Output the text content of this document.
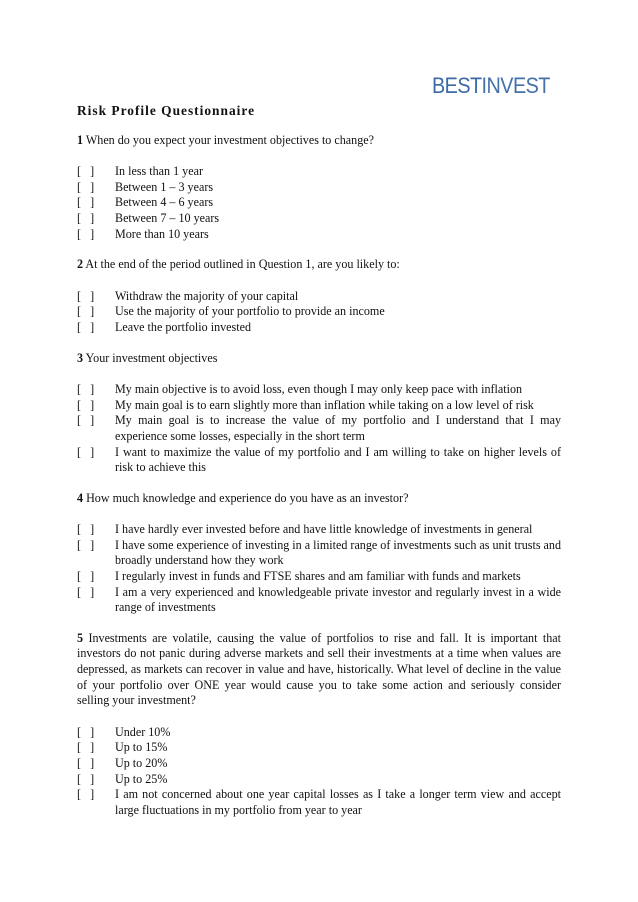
BESTINVEST
Risk Profile Questionnaire
1 When do you expect your investment objectives to change?
[   ]	In less than 1 year
[   ]	Between 1 – 3 years
[   ]	Between 4 – 6 years
[   ]	Between 7 – 10 years
[   ]	More than 10 years
2 At the end of the period outlined in Question 1, are you likely to:
[   ]	Withdraw the majority of your capital
[   ]	Use the majority of your portfolio to provide an income
[   ]	Leave the portfolio invested
3 Your investment objectives
[   ]	My main objective is to avoid loss, even though I may only keep pace with inflation
[   ]	My main goal is to earn slightly more than inflation while taking on a low level of risk
[   ]	My main goal is to increase the value of my portfolio and I understand that I may experience some losses, especially in the short term
[   ]	I want to maximize the value of my portfolio and I am willing to take on higher levels of risk to achieve this
4 How much knowledge and experience do you have as an investor?
[   ]	I have hardly ever invested before and have little knowledge of investments in general
[   ]	I have some experience of investing in a limited range of investments such as unit trusts and broadly understand how they work
[   ]	I regularly invest in funds and FTSE shares and am familiar with funds and markets
[   ]	I am a very experienced and knowledgeable private investor and regularly invest in a wide range of investments
5 Investments are volatile, causing the value of portfolios to rise and fall. It is important that investors do not panic during adverse markets and sell their investments at a time when values are depressed, as markets can recover in value and have, historically. What level of decline in the value of your portfolio over ONE year would cause you to take some action and seriously consider selling your investment?
[   ]	Under 10%
[   ]	Up to 15%
[   ]	Up to 20%
[   ]	Up to 25%
[   ]	I am not concerned about one year capital losses as I take a longer term view and accept large fluctuations in my portfolio from year to year
